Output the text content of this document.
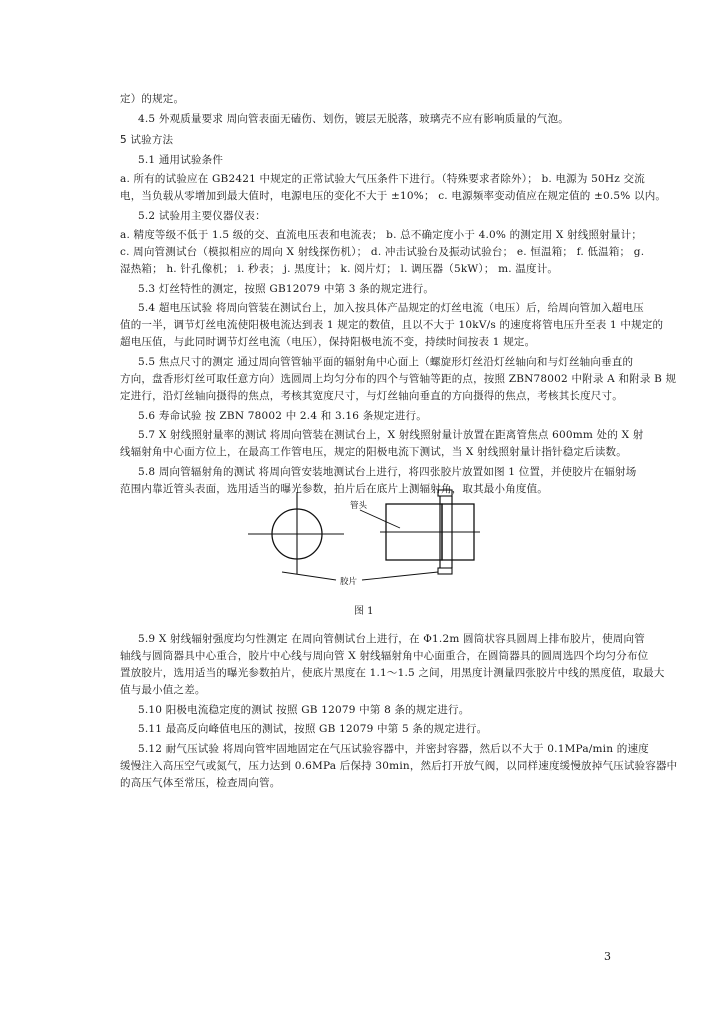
定）的规定。
4.5 外观质量要求 周向管表面无磕伤、划伤，镀层无脱落，玻璃壳不应有影响质量的气泡。
5 试验方法
5.1 通用试验条件
a. 所有的试验应在 GB2421 中规定的正常试验大气压条件下进行。（特殊要求者除外）； b. 电源为 50Hz 交流
电，当负载从零增加到最大值时，电源电压的变化不大于 ±10%； c. 电源频率变动值应在规定值的 ±0.5% 以内。
5.2 试验用主要仪器仪表：
a. 精度等级不低于 1.5 级的交、直流电压表和电流表； b. 总不确定度小于 4.0% 的测定用 X 射线照射量计；
c. 周向管测试台（模拟相应的周向 X 射线探伤机）； d. 冲击试验台及振动试验台； e. 恒温箱； f. 低温箱； g.
湿热箱； h. 针孔像机； i. 秒表； j. 黑度计； k. 阅片灯； l. 调压器（5kW）； m. 温度计。
5.3 灯丝特性的测定，按照 GB12079 中第 3 条的规定进行。
5.4 超电压试验 将周向管装在测试台上，加入按具体产品规定的灯丝电流（电压）后，给周向管加入超电压
值的一半，调节灯丝电流使阳极电流达到表 1 规定的数值，且以不大于 10kV/s 的速度将管电压升至表 1 中规定的
超电压值，与此同时调节灯丝电流（电压），保持阳极电流不变，持续时间按表 1 规定。
5.5 焦点尺寸的测定 通过周向管管轴平面的辐射角中心面上（螺旋形灯丝沿灯丝轴向和与灯丝轴向垂直的
方向，盘香形灯丝可取任意方向）选圆周上均匀分布的四个与管轴等距的点，按照 ZBN78002 中附录 A 和附录 B 规
定进行，沿灯丝轴向摄得的焦点，考核其宽度尺寸，与灯丝轴向垂直的方向摄得的焦点，考核其长度尺寸。
5.6 寿命试验 按 ZBN 78002 中 2.4 和 3.16 条规定进行。
5.7 X 射线照射量率的测试 将周向管装在测试台上，X 射线照射量计放置在距离管焦点 600mm 处的 X 射
线辐射角中心面方位上，在最高工作管电压，规定的阳极电流下测试，当 X 射线照射量计指针稳定后读数。
5.8 周向管辐射角的测试 将周向管安装地测试台上进行，将四张胶片放置如图 1 位置，并使胶片在辐射场
范围内靠近管头表面，选用适当的曝光参数，拍片后在底片上测辐射角，取其最小角度值。
管头
胶片
图 1
5.9 X 射线辐射强度均匀性测定 在周向管侧试台上进行，在 Φ1.2m 圆筒状容具圆周上排布胶片，使周向管
轴线与圆筒器具中心重合，胶片中心线与周向管 X 射线辐射角中心面重合，在圆筒器具的圆周选四个均匀分布位
置放胶片，选用适当的曝光参数拍片，使底片黑度在 1.1～1.5 之间，用黑度计测量四张胶片中线的黑度值，取最大
值与最小值之差。
5.10 阳极电流稳定度的测试 按照 GB 12079 中第 8 条的规定进行。
5.11 最高反向峰值电压的测试，按照 GB 12079 中第 5 条的规定进行。
5.12 耐气压试验 将周向管牢固地固定在气压试验容器中，并密封容器，然后以不大于 0.1MPa/min 的速度
缓慢注入高压空气或氮气，压力达到 0.6MPa 后保持 30min，然后打开放气阀，以同样速度缓慢放掉气压试验容器中
的高压气体至常压，检查周向管。
3
